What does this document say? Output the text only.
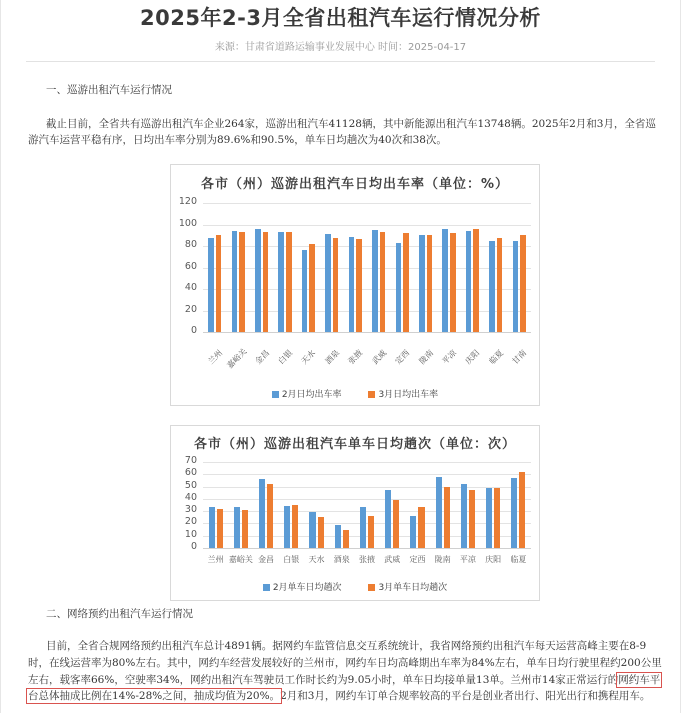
2025年2-3月全省出租汽车运行情况分析
来源：甘肃省道路运输事业发展中心 时间：2025-04-17
一、巡游出租汽车运行情况
截止目前，全省共有巡游出租汽车企业264家，巡游出租汽车41128辆，其中新能源出租汽车13748辆。2025年2月和3月，全省巡游汽车运营平稳有序，日均出车率分别为89.6%和90.5%，单车日均趟次为40次和38次。
各市（州）巡游出租汽车日均出车率（单位：%）
0
20
40
60
80
100
120
兰州 嘉峪关 金昌 白银 天水 酒泉 张掖 武威 定西 陇南 平凉 庆阳 临夏 甘南
2月日均出车率	3月日均出车率
各市（州）巡游出租汽车单车日均趟次（单位：次）
0
10
20
30
40
50
60
70
兰州 嘉峪关 金昌	白银	天水	酒泉	张掖	武威	定西	陇南	平凉	庆阳	临夏
2月单车日均趟次	3月单车日均趟次
二、网络预约出租汽车运行情况
目前，全省合规网络预约出租汽车总计4891辆。据网约车监管信息交互系统统计，我省网络预约出租汽车每天运营高峰主要在8-9时，在线运营率为80%左右。其中，网约车经营发展较好的兰州市，网约车日均高峰期出车率为84%左右，单车日均行驶里程约200公里左右，载客率66%，空驶率34%，网约出租汽车驾驶员工作时长约为9.05小时，单车日均接单量13单。兰州市14家正常运行的网约车平台总体抽成比例在14%-28%之间，抽成均值为20%。2月和3月，网约车订单合规率较高的平台是创业者出行、阳光出行和携程用车。
